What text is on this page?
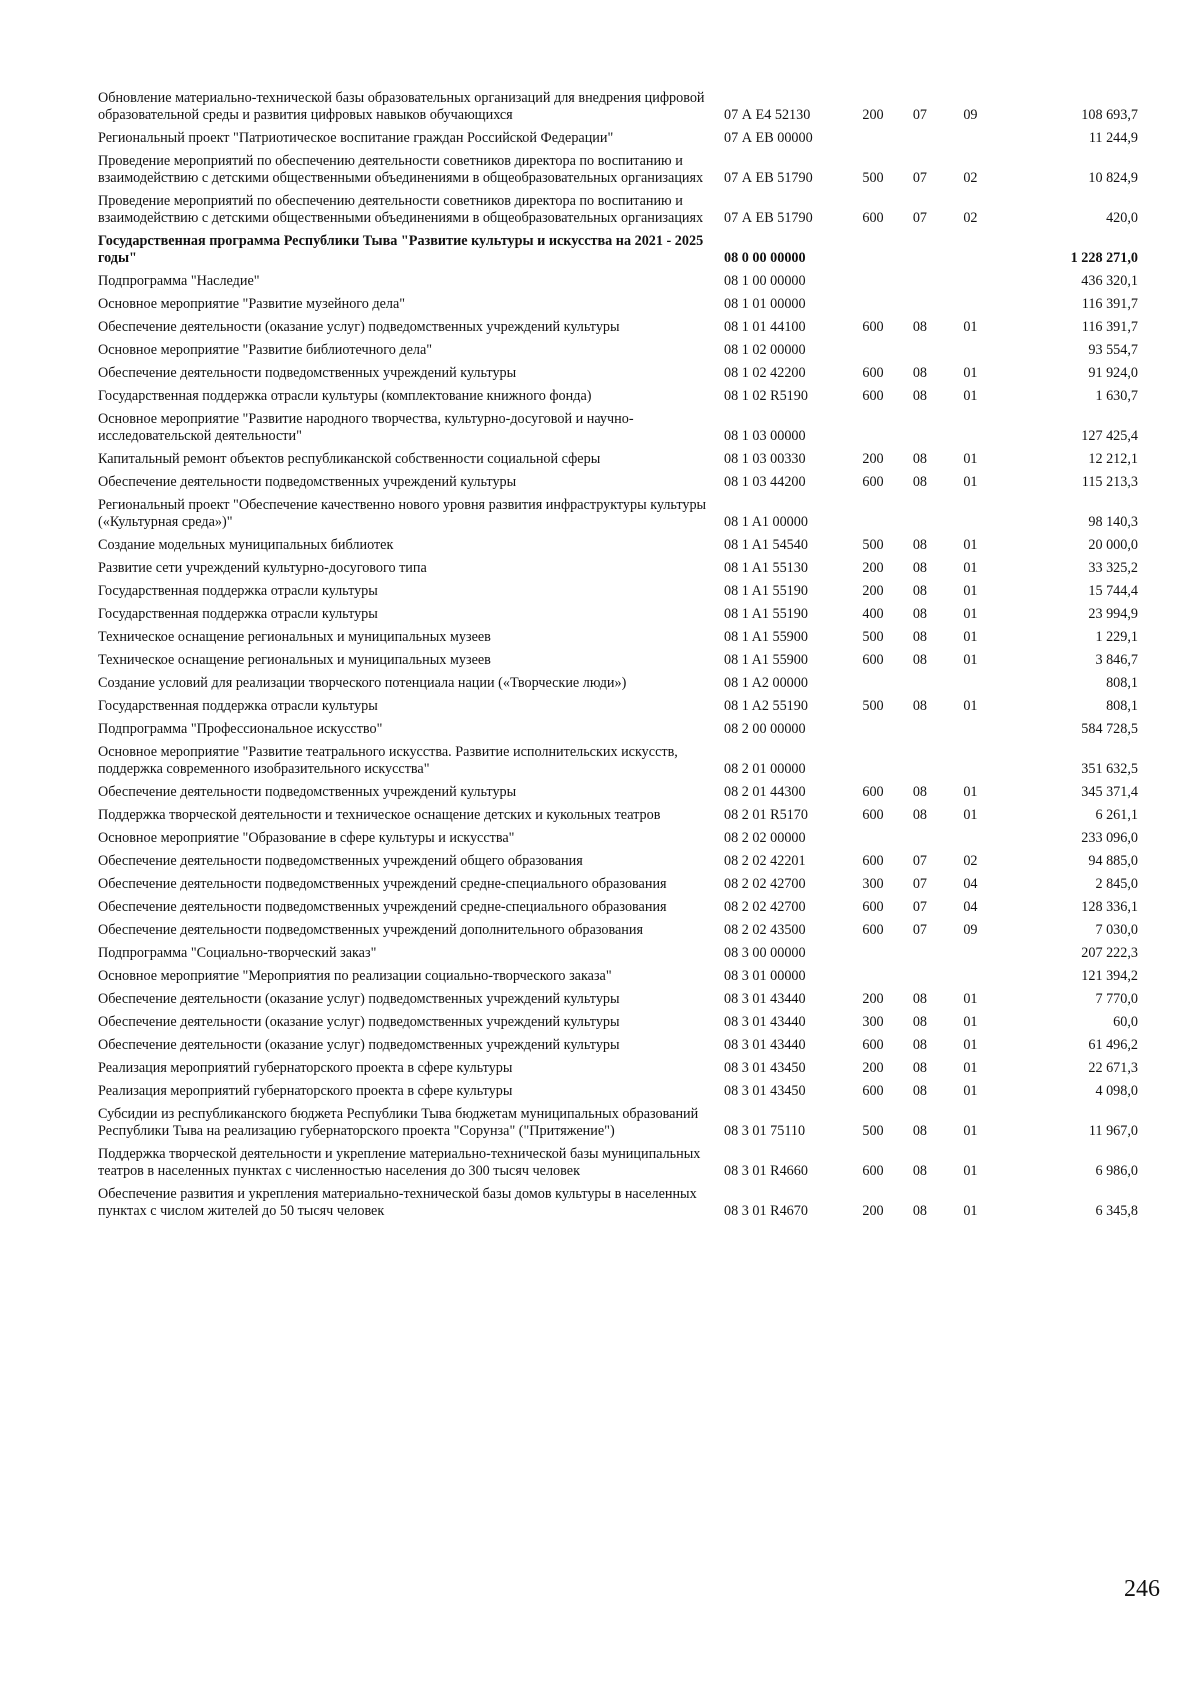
Обновление материально-технической базы образовательных организаций для внедрения цифровой образовательной среды и развития цифровых навыков обучающихся	07 А Е4 52130	200	07	09	108 693,7
Региональный проект "Патриотическое воспитание граждан Российской Федерации"	07 А ЕВ 00000				11 244,9
Проведение мероприятий по обеспечению деятельности советников директора по воспитанию и взаимодействию с детскими общественными объединениями в общеобразовательных организациях	07 А ЕВ 51790	500	07	02	10 824,9
Проведение мероприятий по обеспечению деятельности советников директора по воспитанию и взаимодействию с детскими общественными объединениями в общеобразовательных организациях	07 А ЕВ 51790	600	07	02	420,0
Государственная программа Республики Тыва "Развитие культуры и искусства на 2021 - 2025 годы"	08 0 00 00000				1 228 271,0
Подпрограмма "Наследие"	08 1 00 00000				436 320,1
Основное мероприятие "Развитие музейного дела"	08 1 01 00000				116 391,7
Обеспечение деятельности (оказание услуг) подведомственных учреждений культуры	08 1 01 44100	600	08	01	116 391,7
Основное мероприятие "Развитие библиотечного дела"	08 1 02 00000				93 554,7
Обеспечение деятельности подведомственных учреждений культуры	08 1 02 42200	600	08	01	91 924,0
Государственная поддержка отрасли культуры (комплектование книжного фонда)	08 1 02 R5190	600	08	01	1 630,7
Основное мероприятие "Развитие народного творчества, культурно-досуговой и научно-исследовательской деятельности"	08 1 03 00000				127 425,4
Капитальный ремонт объектов республиканской собственности социальной сферы	08 1 03 00330	200	08	01	12 212,1
Обеспечение деятельности подведомственных учреждений культуры	08 1 03 44200	600	08	01	115 213,3
Региональный проект "Обеспечение качественно нового уровня развития инфраструктуры культуры («Культурная среда»)"	08 1 A1 00000				98 140,3
Создание модельных муниципальных библиотек	08 1 A1 54540	500	08	01	20 000,0
Развитие сети учреждений культурно-досугового типа	08 1 A1 55130	200	08	01	33 325,2
Государственная поддержка отрасли культуры	08 1 A1 55190	200	08	01	15 744,4
Государственная поддержка отрасли культуры	08 1 A1 55190	400	08	01	23 994,9
Техническое оснащение региональных и муниципальных музеев	08 1 A1 55900	500	08	01	1 229,1
Техническое оснащение региональных и муниципальных музеев	08 1 A1 55900	600	08	01	3 846,7
Создание условий для реализации творческого потенциала нации («Творческие люди»)	08 1 A2 00000				808,1
Государственная поддержка отрасли культуры	08 1 A2 55190	500	08	01	808,1
Подпрограмма "Профессиональное искусство"	08 2 00 00000				584 728,5
Основное мероприятие "Развитие театрального искусства. Развитие исполнительских искусств, поддержка современного изобразительного искусства"	08 2 01 00000				351 632,5
Обеспечение деятельности подведомственных учреждений культуры	08 2 01 44300	600	08	01	345 371,4
Поддержка творческой деятельности и техническое оснащение детских и кукольных театров	08 2 01 R5170	600	08	01	6 261,1
Основное мероприятие "Образование в сфере культуры и искусства"	08 2 02 00000				233 096,0
Обеспечение деятельности подведомственных учреждений общего образования	08 2 02 42201	600	07	02	94 885,0
Обеспечение деятельности подведомственных учреждений средне-специального образования	08 2 02 42700	300	07	04	2 845,0
Обеспечение деятельности подведомственных учреждений средне-специального образования	08 2 02 42700	600	07	04	128 336,1
Обеспечение деятельности подведомственных учреждений дополнительного образования	08 2 02 43500	600	07	09	7 030,0
Подпрограмма "Социально-творческий заказ"	08 3 00 00000				207 222,3
Основное мероприятие "Мероприятия по реализации социально-творческого заказа"	08 3 01 00000				121 394,2
Обеспечение деятельности (оказание услуг) подведомственных учреждений культуры	08 3 01 43440	200	08	01	7 770,0
Обеспечение деятельности (оказание услуг) подведомственных учреждений культуры	08 3 01 43440	300	08	01	60,0
Обеспечение деятельности (оказание услуг) подведомственных учреждений культуры	08 3 01 43440	600	08	01	61 496,2
Реализация мероприятий губернаторского проекта в сфере культуры	08 3 01 43450	200	08	01	22 671,3
Реализация мероприятий губернаторского проекта в сфере культуры	08 3 01 43450	600	08	01	4 098,0
Субсидии из республиканского бюджета Республики Тыва бюджетам муниципальных образований Республики Тыва на реализацию губернаторского проекта "Сорунза" ("Притяжение")	08 3 01 75110	500	08	01	11 967,0
Поддержка творческой деятельности и укрепление материально-технической базы муниципальных театров в населенных пунктах с численностью населения до 300 тысяч человек	08 3 01 R4660	600	08	01	6 986,0
Обеспечение развития и укрепления материально-технической базы домов культуры в населенных пунктах с числом жителей до 50 тысяч человек	08 3 01 R4670	200	08	01	6 345,8
246
